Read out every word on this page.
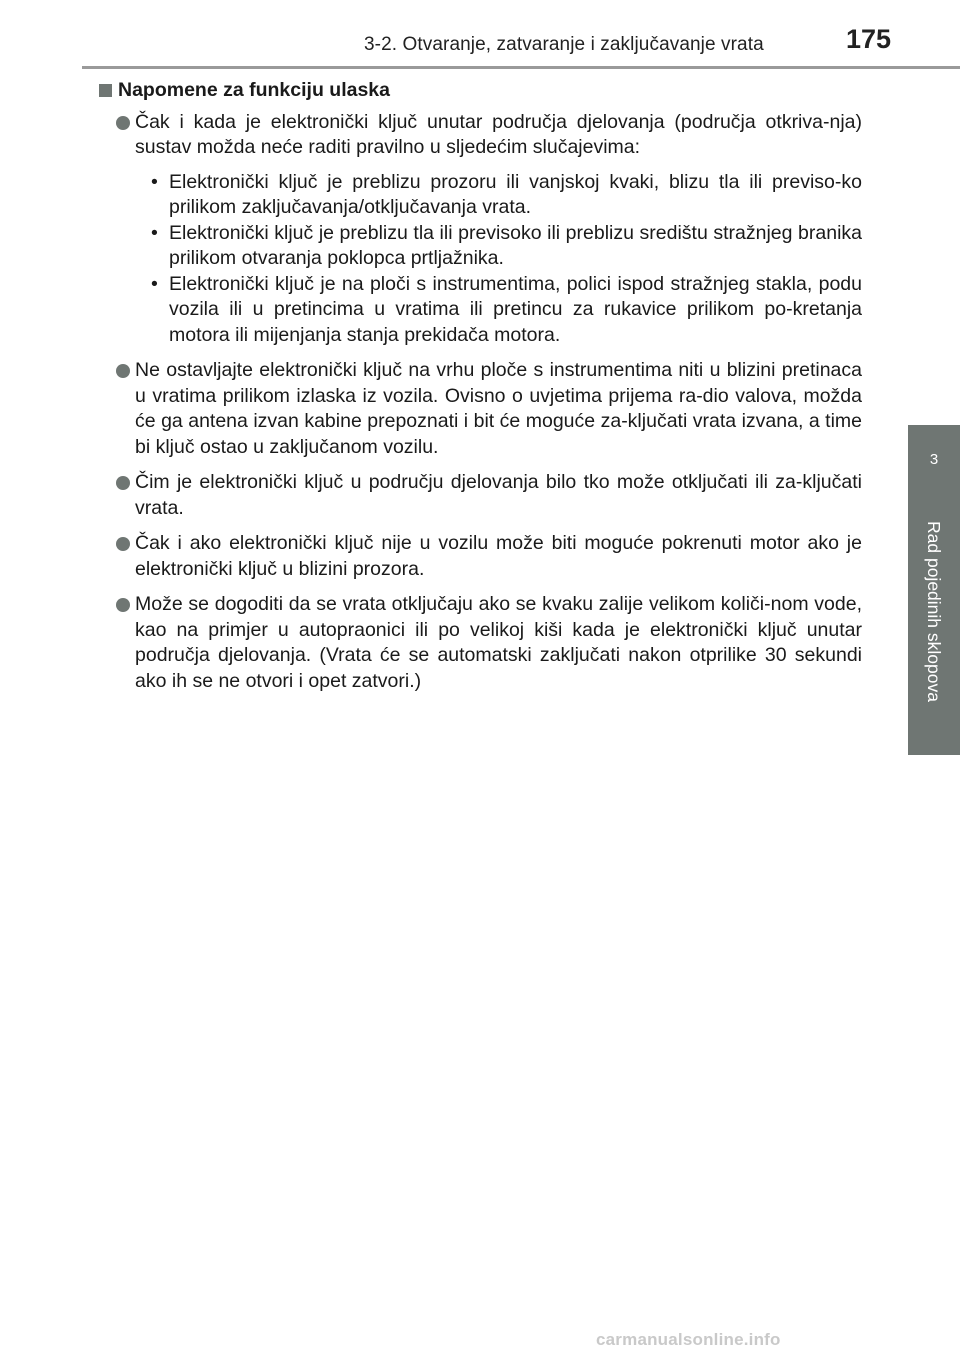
3-2. Otvaranje, zatvaranje i zaključavanje vrata	175
3
Rad pojedinih sklopova
Napomene za funkciju ulaska
Čak i kada je elektronički ključ unutar područja djelovanja (područja otkriva-nja) sustav možda neće raditi pravilno u sljedećim slučajevima:
• Elektronički ključ je preblizu prozoru ili vanjskoj kvaki, blizu tla ili previso-ko prilikom zaključavanja/otključavanja vrata.
• Elektronički ključ je preblizu tla ili previsoko ili preblizu središtu stražnjeg branika prilikom otvaranja poklopca prtljažnika.
• Elektronički ključ je na ploči s instrumentima, polici ispod stražnjeg stakla, podu vozila ili u pretincima u vratima ili pretincu za rukavice prilikom po-kretanja motora ili mijenjanja stanja prekidača motora.
Ne ostavljajte elektronički ključ na vrhu ploče s instrumentima niti u blizini pretinaca u vratima prilikom izlaska iz vozila. Ovisno o uvjetima prijema ra-dio valova, možda će ga antena izvan kabine prepoznati i bit će moguće za-ključati vrata izvana, a time bi ključ ostao u zaključanom vozilu.
Čim je elektronički ključ u području djelovanja bilo tko može otključati ili za-ključati vrata.
Čak i ako elektronički ključ nije u vozilu može biti moguće pokrenuti motor ako je elektronički ključ u blizini prozora.
Može se dogoditi da se vrata otključaju ako se kvaku zalije velikom količi-nom vode, kao na primjer u autopraonici ili po velikoj kiši kada je elektronički ključ unutar područja djelovanja. (Vrata će se automatski zaključati nakon otprilike 30 sekundi ako ih se ne otvori i opet zatvori.)
carmanualsonline.info
